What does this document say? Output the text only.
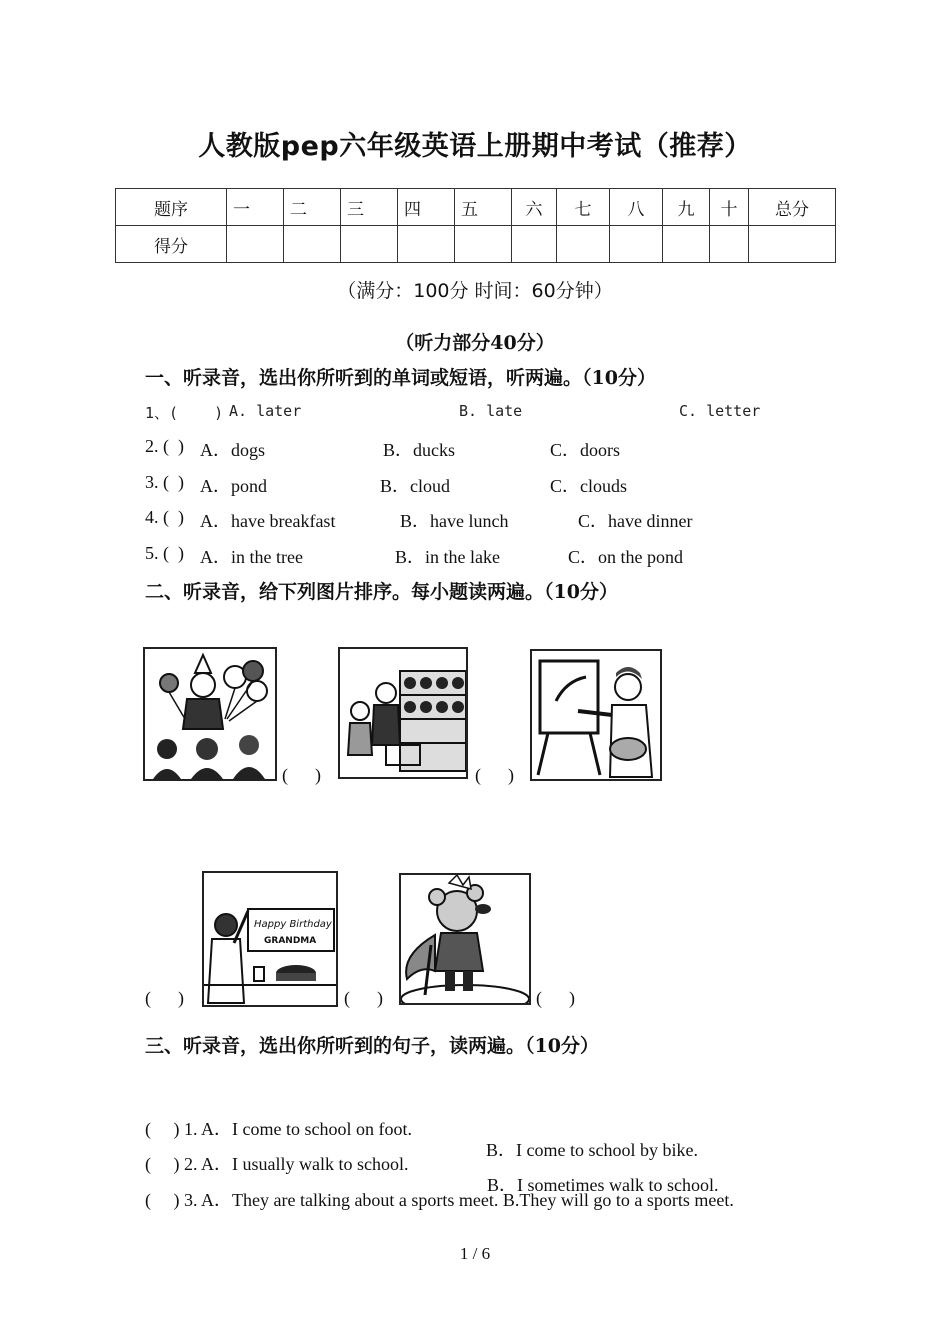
人教版pep六年级英语上册期中考试（推荐）
题序	一	二	三	四	五	六	七	八	九	十	总分
得分											
（满分：100分 时间：60分钟）
（听力部分40分）
一、听录音，选出你所听到的单词或短语，听两遍。（10分）
1、(    ) A. later	B. late	C. letter
2. (  ) A．dogs	B．ducks	C．doors
3. (  ) A．pond	B．cloud	C．clouds
4. (  ) A．have breakfast	B．have lunch	C．have dinner
5. (  ) A．in the tree	B．in the lake	C．on the pond
二、听录音，给下列图片排序。每小题读两遍。（10分）
(      )	(      )
(      )
Happy Birthday
GRANDMA
(      )	(      )
三、听录音，选出你所听到的句子，读两遍。（10分）

(     ) 1. A．I come to school on foot.

B．I come to school by bike.

(     ) 2. A．I usually walk to school.

B．I sometimes walk to school.

(     ) 3. A．They are talking about a sports meet. B.They will go to a sports meet.

1 / 6
